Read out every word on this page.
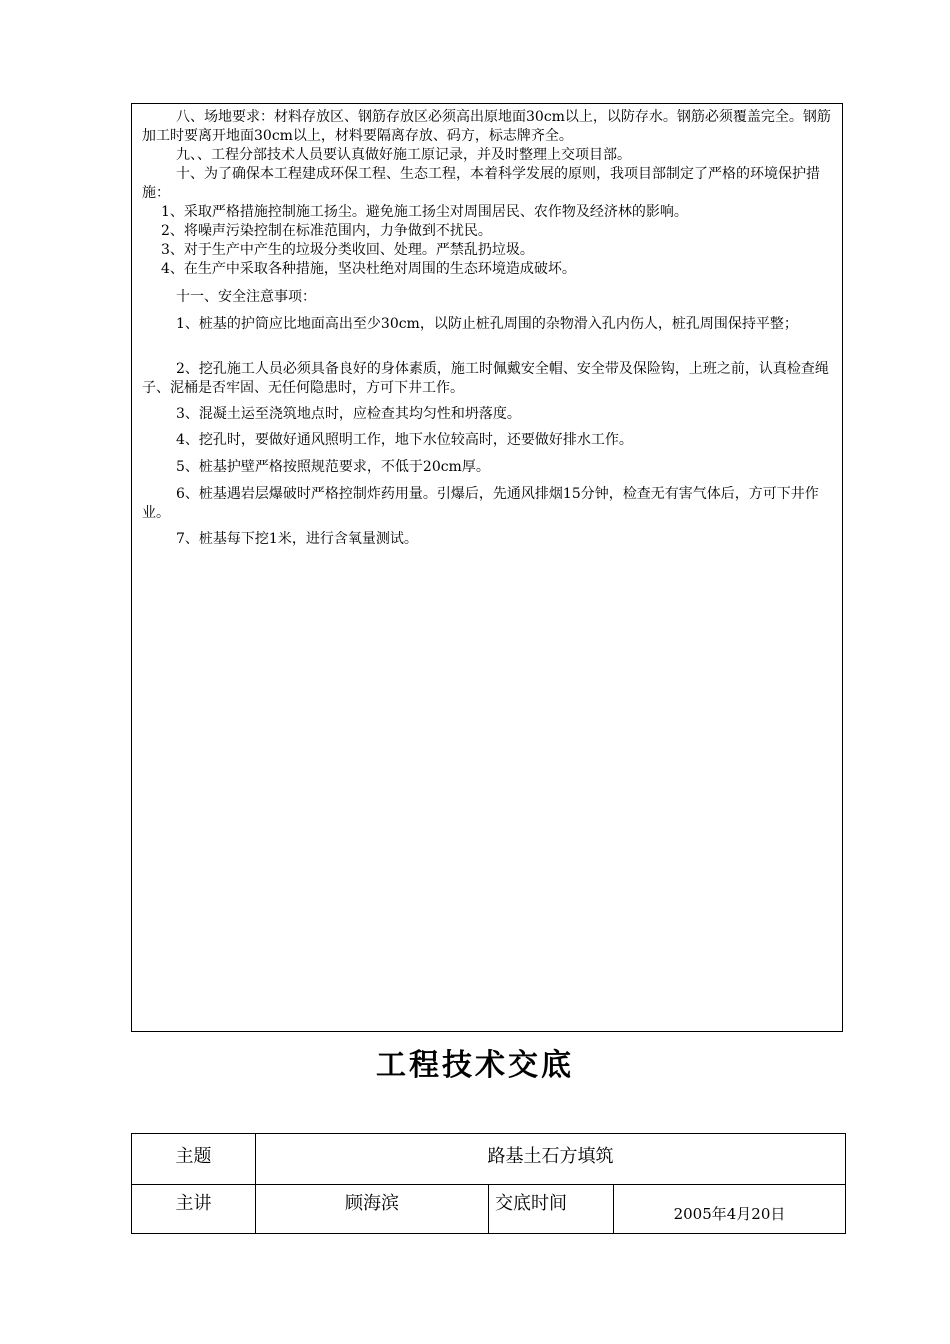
八、场地要求：材料存放区、钢筋存放区必须高出原地面30cm以上，以防存水。钢筋必须覆盖完全。钢筋加工时要离开地面30cm以上，材料要隔离存放、码方，标志牌齐全。

九、、工程分部技术人员要认真做好施工原记录，并及时整理上交项目部。

十、为了确保本工程建成环保工程、生态工程，本着科学发展的原则，我项目部制定了严格的环境保护措施：

1、采取严格措施控制施工扬尘。避免施工扬尘对周围居民、农作物及经济林的影响。

2、将噪声污染控制在标准范围内，力争做到不扰民。

3、对于生产中产生的垃圾分类收回、处理。严禁乱扔垃圾。

4、在生产中采取各种措施，坚决杜绝对周围的生态环境造成破坏。

十一、安全注意事项：

1、桩基的护筒应比地面高出至少30cm，以防止桩孔周围的杂物滑入孔内伤人，桩孔周围保持平整；

2、挖孔施工人员必须具备良好的身体素质，施工时佩戴安全帽、安全带及保险钩，上班之前，认真检查绳子、泥桶是否牢固、无任何隐患时，方可下井工作。

3、混凝土运至浇筑地点时，应检查其均匀性和坍落度。

4、挖孔时，要做好通风照明工作，地下水位较高时，还要做好排水工作。

5、桩基护壁严格按照规范要求，不低于20cm厚。

6、桩基遇岩层爆破时严格控制炸药用量。引爆后，先通风排烟15分钟，检查无有害气体后，方可下井作业。

7、桩基每下挖1米，进行含氧量测试。

工程技术交底
主题	路基土石方填筑		

主讲	顾海滨	交底时间	2005年4月20日
